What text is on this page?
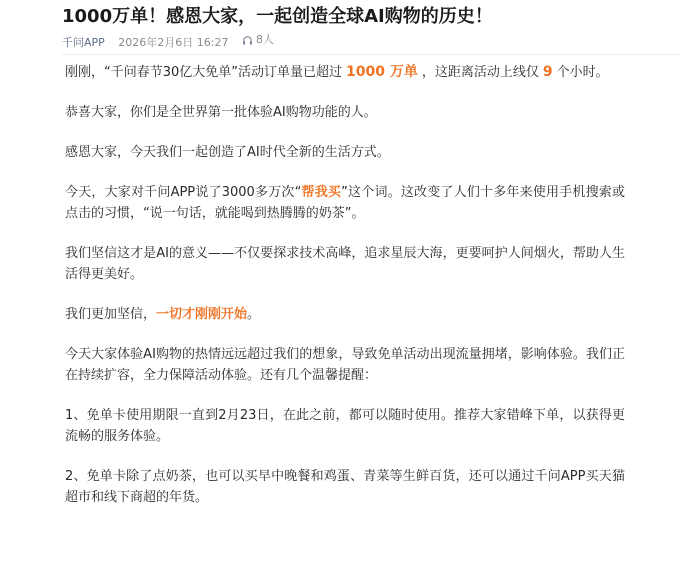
1000万单！感恩大家，一起创造全球AI购物的历史！
千问APP 2026年2月6日 16:27	8人

刚刚，“千问春节30亿大免单”活动订单量已超过 1000 万单 ，这距离活动上线仅 9 个小时。

恭喜大家，你们是全世界第一批体验AI购物功能的人。

感恩大家，今天我们一起创造了AI时代全新的生活方式。

今天，大家对千问APP说了3000多万次“帮我买”这个词。这改变了人们十多年来使用手机搜索或点击的习惯，“说一句话，就能喝到热腾腾的奶茶”。

我们坚信这才是AI的意义——不仅要探求技术高峰，追求星辰大海，更要呵护人间烟火，帮助人生活得更美好。

我们更加坚信，一切才刚刚开始。

今天大家体验AI购物的热情远远超过我们的想象，导致免单活动出现流量拥堵，影响体验。我们正在持续扩容，全力保障活动体验。还有几个温馨提醒：

1、免单卡使用期限一直到2月23日，在此之前，都可以随时使用。推荐大家错峰下单，以获得更流畅的服务体验。

2、免单卡除了点奶茶，也可以买早中晚餐和鸡蛋、青菜等生鲜百货，还可以通过千问APP买天猫超市和线下商超的年货。
